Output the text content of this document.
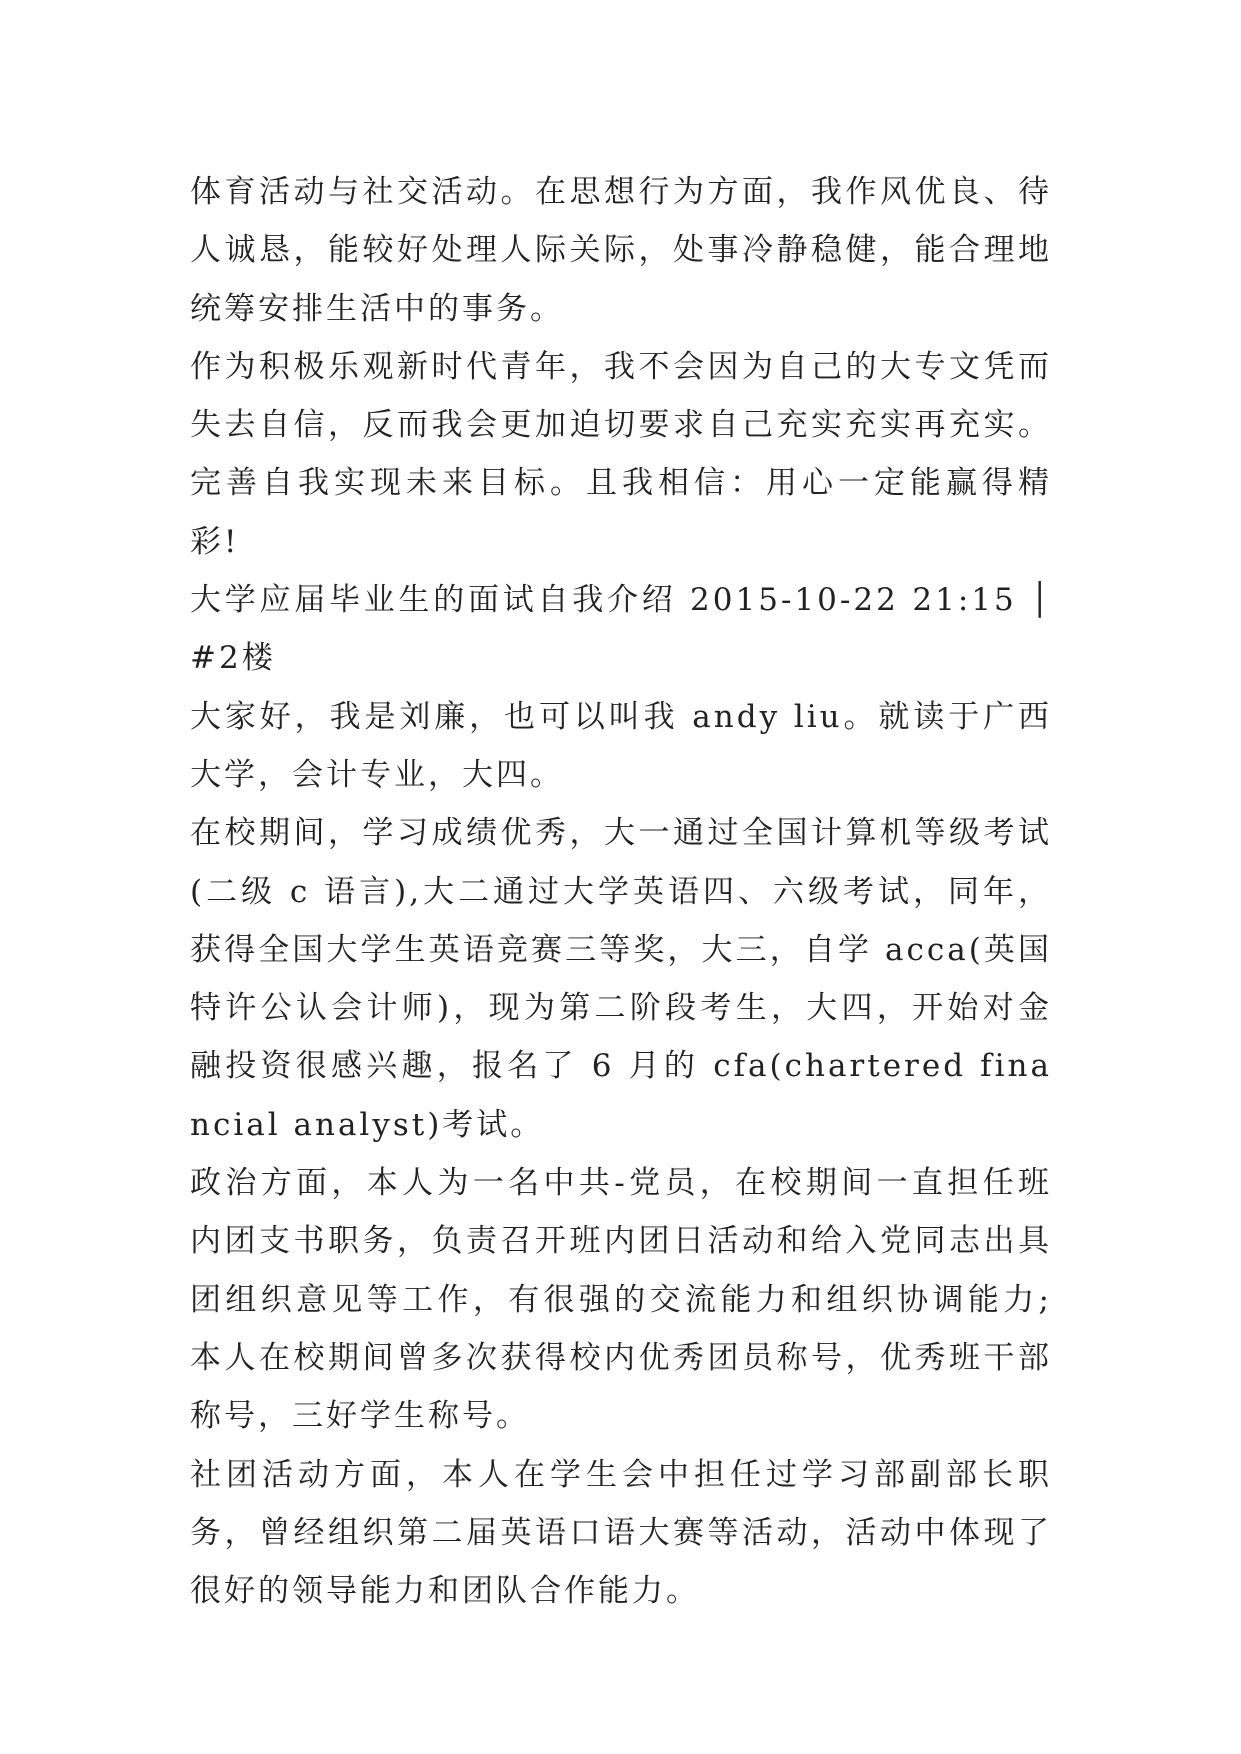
体育活动与社交活动。在思想行为方面，我作风优良、待人诚恳，能较好处理人际关际，处事冷静稳健，能合理地统筹安排生活中的事务。

作为积极乐观新时代青年，我不会因为自己的大专文凭而失去自信，反而我会更加迫切要求自己充实充实再充实。完善自我实现未来目标。且我相信：用心一定能赢得精彩!

大学应届毕业生的面试自我介绍 2015-10-22 21:15 │ #2楼

大家好，我是刘廉，也可以叫我 andy liu。就读于广西大学，会计专业，大四。

在校期间，学习成绩优秀，大一通过全国计算机等级考试(二级 c 语言),大二通过大学英语四、六级考试，同年，获得全国大学生英语竞赛三等奖，大三，自学 acca(英国特许公认会计师)，现为第二阶段考生，大四，开始对金融投资很感兴趣，报名了 6 月的 cfa(chartered financial analyst)考试。

政治方面，本人为一名中共-党员，在校期间一直担任班内团支书职务，负责召开班内团日活动和给入党同志出具团组织意见等工作，有很强的交流能力和组织协调能力;本人在校期间曾多次获得校内优秀团员称号，优秀班干部称号，三好学生称号。

社团活动方面，本人在学生会中担任过学习部副部长职务，曾经组织第二届英语口语大赛等活动，活动中体现了很好的领导能力和团队合作能力。
